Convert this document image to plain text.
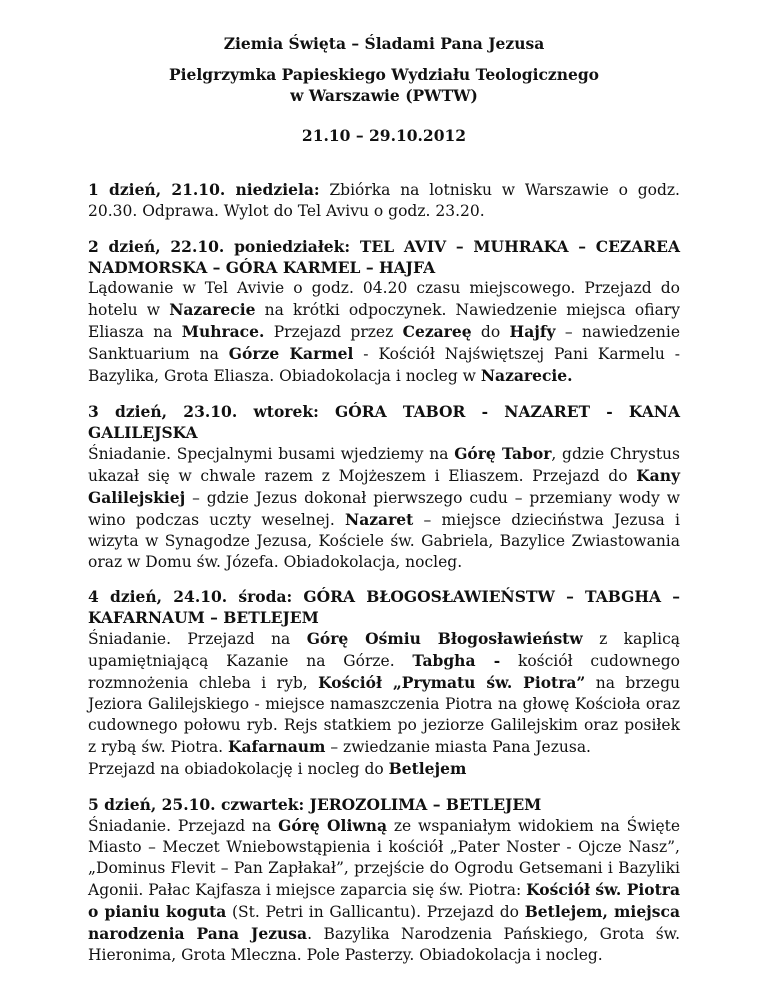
Ziemia Święta – Śladami Pana Jezusa

Pielgrzymka Papieskiego Wydziału Teologicznego
w Warszawie (PWTW)

21.10 – 29.10.2012

1 dzień, 21.10. niedziela: Zbiórka na lotnisku w Warszawie o godz. 20.30. Odprawa. Wylot do Tel Avivu o godz. 23.20.

2 dzień, 22.10. poniedziałek: TEL AVIV – MUHRAKA – CEZAREA NADMORSKA – GÓRA KARMEL – HAJFA

Lądowanie w Tel Avivie o godz. 04.20 czasu miejscowego. Przejazd do hotelu w Nazarecie na krótki odpoczynek. Nawiedzenie miejsca ofiary Eliasza na Muhrace. Przejazd przez Cezareę do Hajfy – nawiedzenie Sanktuarium na Górze Karmel - Kościół Najświętszej Pani Karmelu - Bazylika, Grota Eliasza. Obiadokolacja i nocleg w Nazarecie.

3 dzień, 23.10. wtorek: GÓRA TABOR - NAZARET - KANA GALILEJSKA

Śniadanie. Specjalnymi busami wjedziemy na Górę Tabor, gdzie Chrystus ukazał się w chwale razem z Mojżeszem i Eliaszem. Przejazd do Kany Galilejskiej – gdzie Jezus dokonał pierwszego cudu – przemiany wody w wino podczas uczty weselnej. Nazaret – miejsce dzieciństwa Jezusa i wizyta w Synagodze Jezusa, Kościele św. Gabriela, Bazylice Zwiastowania oraz w Domu św. Józefa. Obiadokolacja, nocleg.

4 dzień, 24.10. środa: GÓRA BŁOGOSŁAWIEŃSTW – TABGHA – KAFARNAUM – BETLEJEM

Śniadanie. Przejazd na Górę Ośmiu Błogosławieństw z kaplicą upamiętniającą Kazanie na Górze. Tabgha - kościół cudownego rozmnożenia chleba i ryb, Kościół „Prymatu św. Piotra” na brzegu Jeziora Galilejskiego - miejsce namaszczenia Piotra na głowę Kościoła oraz cudownego połowu ryb. Rejs statkiem po jeziorze Galilejskim oraz posiłek z rybą św. Piotra. Kafarnaum – zwiedzanie miasta Pana Jezusa.
Przejazd na obiadokolację i nocleg do Betlejem

5 dzień, 25.10. czwartek: JEROZOLIMA – BETLEJEM

Śniadanie. Przejazd na Górę Oliwną ze wspaniałym widokiem na Święte Miasto – Meczet Wniebowstąpienia i kościół „Pater Noster - Ojcze Nasz”, „Dominus Flevit – Pan Zapłakał”, przejście do Ogrodu Getsemani i Bazyliki Agonii. Pałac Kajfasza i miejsce zaparcia się św. Piotra: Kościół św. Piotra o pianiu koguta (St. Petri in Gallicantu). Przejazd do Betlejem, miejsca narodzenia Pana Jezusa. Bazylika Narodzenia Pańskiego, Grota św. Hieronima, Grota Mleczna. Pole Pasterzy. Obiadokolacja i nocleg.
